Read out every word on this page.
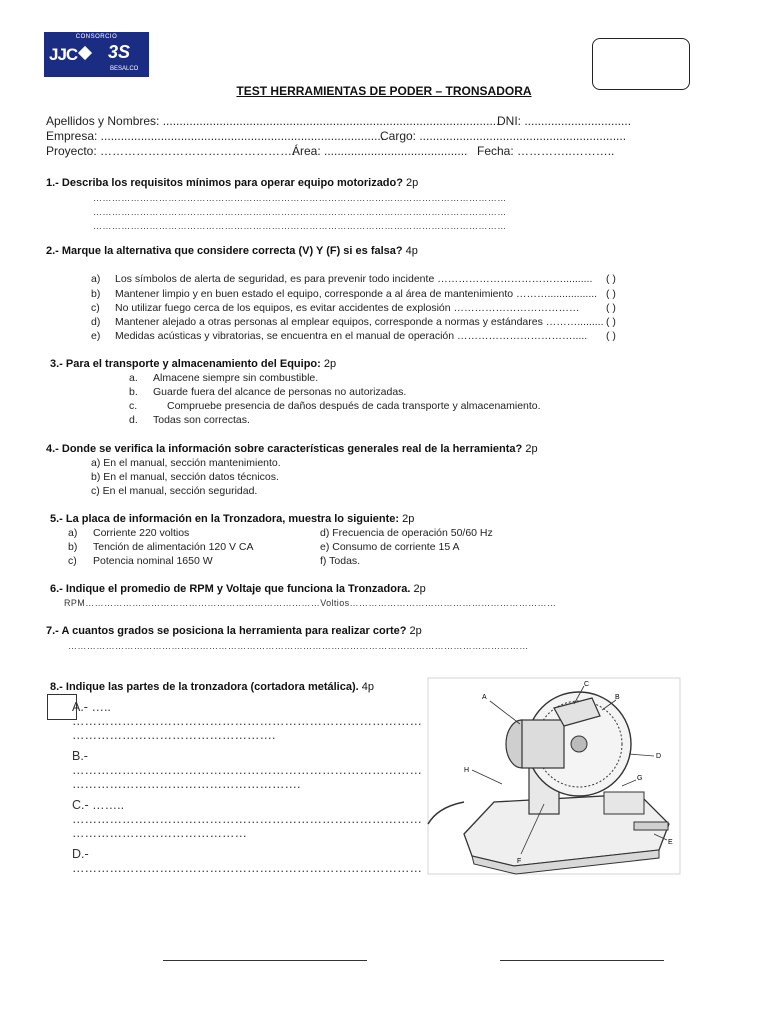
CONSORCIO
JJC 3S
BESALCO
TEST HERRAMIENTAS DE PODER – TRONSADORA
Apellidos y Nombres: .....................................................................................................
DNI: ................................
Empresa: .....................................................................................
Cargo: ..............................................................
Proyecto: ………………………………………….
Área: ........................................... Fecha: …………..………..
1.- Describa los requisitos mínimos para operar equipo motorizado? 2p
……………………………………………………………………………………………………………………
……………………………………………………………………………………………………………………
……………………………………………………………………………………………………………………
2.- Marque la alternativa que considere correcta (V) Y (F) si es falsa? 4p
a) Los símbolos de alerta de seguridad, es para prevenir todo incidente ……………………………….......... ( )
b) Mantener limpio y en buen estado el equipo, corresponde a al área de mantenimiento ………................. ( )
c) No utilizar fuego cerca de los equipos, es evitar accidentes de explosión ………………………………	( )
d) Mantener alejado a otras personas al emplear equipos, corresponde a normas y estándares ………......... ( )
e) Medidas acústicas y vibratorias, se encuentra en el manual de operación ……………………………..... ( )
3.- Para el transporte y almacenamiento del Equipo: 2p
a. Almacene siempre sin combustible.
b. Guarde fuera del alcance de personas no autorizadas.
c.	Compruebe presencia de daños después de cada transporte y almacenamiento.
d. Todas son correctas.
4.- Donde se verifica la información sobre características generales real de la herramienta? 2p
a) En el manual, sección mantenimiento.
b) En el manual, sección datos técnicos.
c) En el manual, sección seguridad.
5.- La placa de información en la Tronzadora, muestra lo siguiente: 2p
a) Corriente 220 voltios
b) Tención de alimentación 120 V CA
c) Potencia nominal 1650 W
d) Frecuencia de operación 50/60 Hz
e) Consumo de corriente 15 A
f) Todas.
6.- Indique el promedio de RPM y Voltaje que funciona la Tronzadora. 2p
RPM…………………………………………………………………Voltios…………………………………………………………
7.- A cuantos grados se posiciona la herramienta para realizar corte? 2p
…………………………………………………………………………………………………………………………………
8.- Indique las partes de la tronzadora (cortadora metálica). 4p
A.- …..
…………………………………………………………………………
………………………………………….
B.-
…………………………………………………………………………
……………………………………………….
C.- ……..
…………………………………………………………………………
……………………………………
D.-
…………………………………………………………………………
A
C
B
D
H
G
E
F
